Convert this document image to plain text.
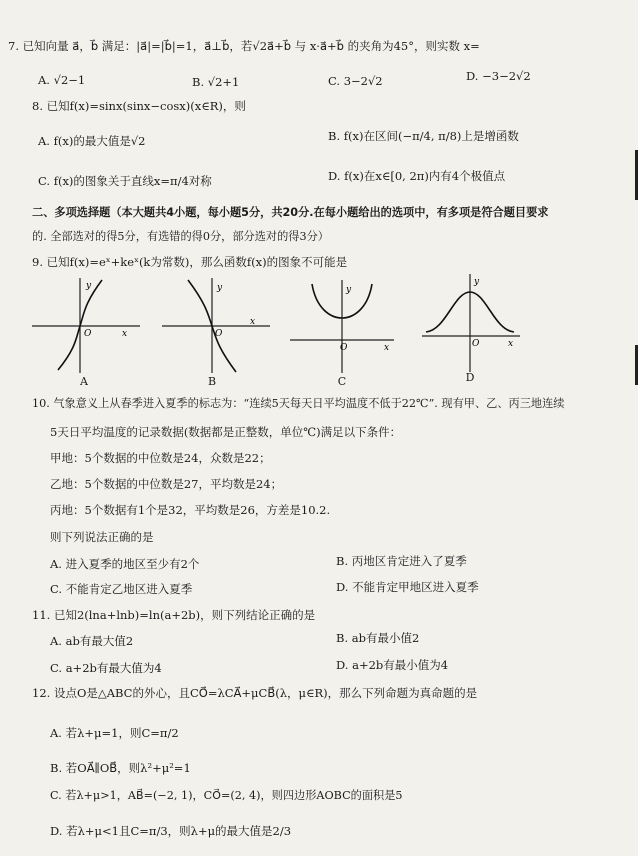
7. 已知向量 a⃗，b⃗ 满足：|a⃗|=|b⃗|=1，a⃗⊥b⃗，若√2a⃗+b⃗ 与 x·a⃗+b⃗ 的夹角为45°，则实数 x=
A. √2−1	B. √2+1	C. 3−2√2	D. −3−2√2
8. 已知f(x)=sinx(sinx−cosx)(x∈R)，则
A. f(x)的最大值是√2	B. f(x)在区间(−π/4, π/8)上是增函数
C. f(x)的图象关于直线x=π/4对称	D. f(x)在x∈[0, 2π)内有4个极值点
二、多项选择题（本大题共4小题，每小题5分，共20分.在每小题给出的选项中，有多项是符合题目要求
的. 全部选对的得5分，有选错的得0分，部分选对的得3分）
9. 已知f(x)=eˣ+keˣ(k为常数)，那么函数f(x)的图象不可能是
y
O	x
A
y
O
x
B
y
O	x
C
y
O	x
D
10. 气象意义上从春季进入夏季的标志为：“连续5天每天日平均温度不低于22℃”. 现有甲、乙、丙三地连续
5天日平均温度的记录数据(数据都是正整数，单位℃)满足以下条件：
甲地：5个数据的中位数是24，众数是22；
乙地：5个数据的中位数是27，平均数是24；
丙地：5个数据有1个是32，平均数是26，方差是10.2.
则下列说法正确的是
A. 进入夏季的地区至少有2个	B. 丙地区肯定进入了夏季
C. 不能肯定乙地区进入夏季	D. 不能肯定甲地区进入夏季
11. 已知2(lna+lnb)=ln(a+2b)，则下列结论正确的是
A. ab有最大值2	B. ab有最小值2
C. a+2b有最大值为4	D. a+2b有最小值为4
12. 设点O是△ABC的外心，且CO⃗=λCA⃗+μCB⃗(λ，μ∈R)，那么下列命题为真命题的是
A. 若λ+μ=1，则C=π/2
B. 若OA⃗∥OB⃗，则λ²+μ²=1
C. 若λ+μ>1，AB⃗=(−2, 1)，CO⃗=(2, 4)，则四边形AOBC的面积是5
D. 若λ+μ<1且C=π/3，则λ+μ的最大值是2/3
